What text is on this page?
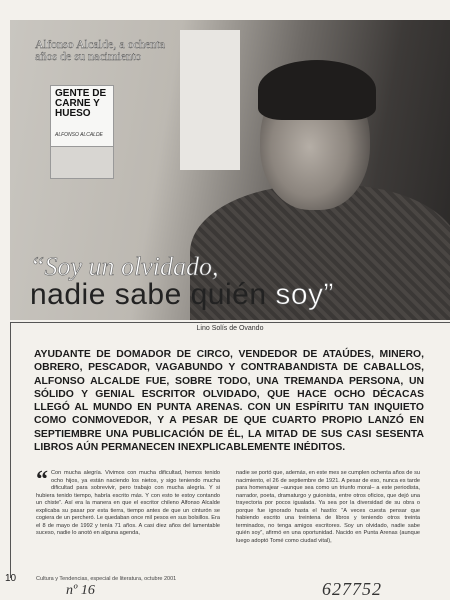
Alfonso Alcalde, a ochenta años de su nacimiento
GENTE DE CARNE Y HUESO
ALFONSO ALCALDE
“Soy un olvidado,
nadie sabe quién soy”
Lino Solís de Ovando
AYUDANTE DE DOMADOR DE CIRCO, VENDEDOR DE ATAÚDES, MINERO, OBRERO, PESCADOR, VAGABUNDO Y CONTRABANDISTA DE CABALLOS, ALFONSO ALCALDE FUE, SOBRE TODO, UNA TREMANDA PERSONA, UN SÓLIDO Y GENIAL ESCRITOR OLVIDADO, QUE HACE OCHO DÉCACAS LLEGÓ AL MUNDO EN PUNTA ARENAS. CON UN ESPÍRITU TAN INQUIETO COMO CONMOVEDOR, Y A PESAR DE QUE CUARTO PROPIO LANZÓ EN SEPTIEMBRE UNA PUBLICACIÓN DE ÉL, LA MITAD DE SUS CASI SESENTA LIBROS AÚN PERMANECEN INEXPLICABLEMENTE INÉDITOS.
“ Con mucha alegría. Vivimos con mucha dificultad, hemos tenido ocho hijos, ya están naciendo los nietos, y sigo teniendo mucha dificultad para sobrevivir, pero trabajo con mucha alegría. Y si hubiera tenido tiempo, habría escrito más. Y con esto te estoy contando un chiste”. Así era la manera en que el escritor chileno Alfonso Alcalde explicaba su pasar por esta tierra, tiempo antes de que un cinturón se cogiera de un percheró. Le quedaban once mil pesos en sus bolsillos. Era el 8 de mayo de 1992 y tenía 71 años. A casi diez años del lamentable suceso, nadie lo anotó en alguna agenda,
nadie se portó que, además, en este mes se cumplen ochenta años de su nacimiento, el 26 de septiembre de 1921. A pesar de eso, nunca es tarde para homenajear –aunque sea como un triunfo moral– a este periodista, narrador, poeta, dramaturgo y guionista, entre otros oficios, que dejó una trayectoria por pocos igualada. Ya sea por la diversidad de su obra o porque fue ignorado hasta el hastío: “A veces cuesta pensar que habiendo escrito una treintena de libros y teniendo otros treinta terminados, no tenga amigos escritores. Soy un olvidado, nadie sabe quién soy”, afirmó en una oportunidad. Nacido en Punta Arenas (aunque luego adoptó Tomé como ciudad vital),
10	Cultura y Tendencias, especial de literatura, octubre 2001
nº 16	627752
